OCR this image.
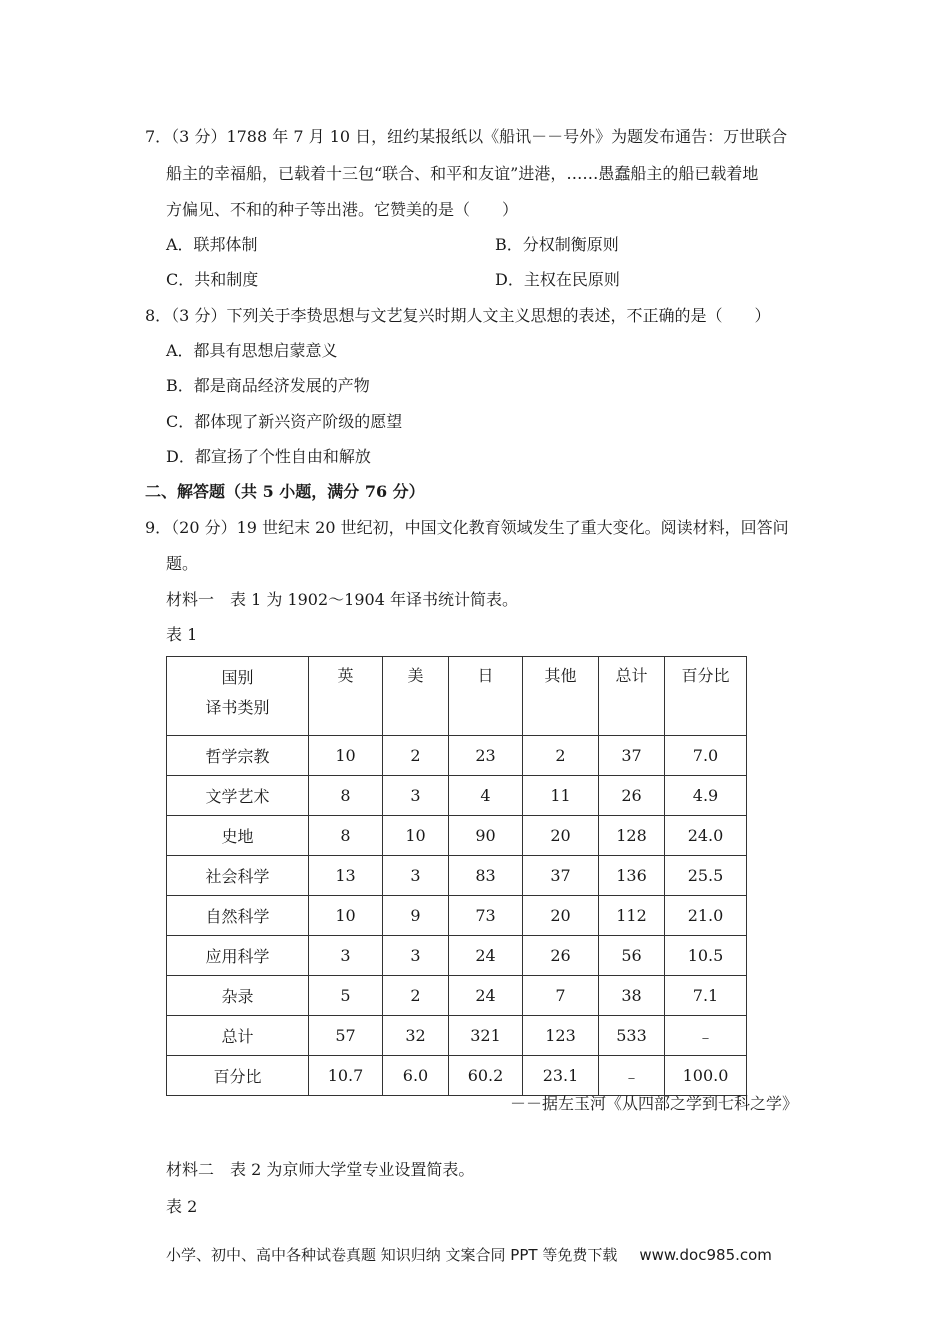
7．（3 分）1788 年 7 月 10 日，纽约某报纸以《船讯－－号外》为题发布通告：万世联合
船主的幸福船，已载着十三包“联合、和平和友谊”进港，……愚蠢船主的船已载着地
方偏见、不和的种子等出港。它赞美的是（　　）
A．联邦体制	B．分权制衡原则
C．共和制度	D．主权在民原则
8．（3 分）下列关于李贽思想与文艺复兴时期人文主义思想的表述，不正确的是（　　）
A．都具有思想启蒙意义
B．都是商品经济发展的产物
C．都体现了新兴资产阶级的愿望
D．都宣扬了个性自由和解放
二、解答题（共 5 小题，满分 76 分）
9．（20 分）19 世纪末 20 世纪初，中国文化教育领域发生了重大变化。阅读材料，回答问
题。
材料一　表 1 为 1902～1904 年译书统计简表。
表 1
国别
译书类别	英	美	日	其他	总计	百分比
哲学宗教	10	2	23	2	37	7.0
文学艺术	8	3	4	11	26	4.9
史地	8	10	90	20	128	24.0
社会科学	13	3	83	37	136	25.5
自然科学	10	9	73	20	112	21.0
应用科学	3	3	24	26	56	10.5
杂录	5	2	24	7	38	7.1
总计	57	32	321	123	533	﹣
百分比	10.7	6.0	60.2	23.1	﹣	100.0
－－据左玉河《从四部之学到七科之学》
材料二　表 2 为京师大学堂专业设置简表。
表 2
小学、初中、高中各种试卷真题 知识归纳 文案合同 PPT 等免费下载 www.doc985.com
